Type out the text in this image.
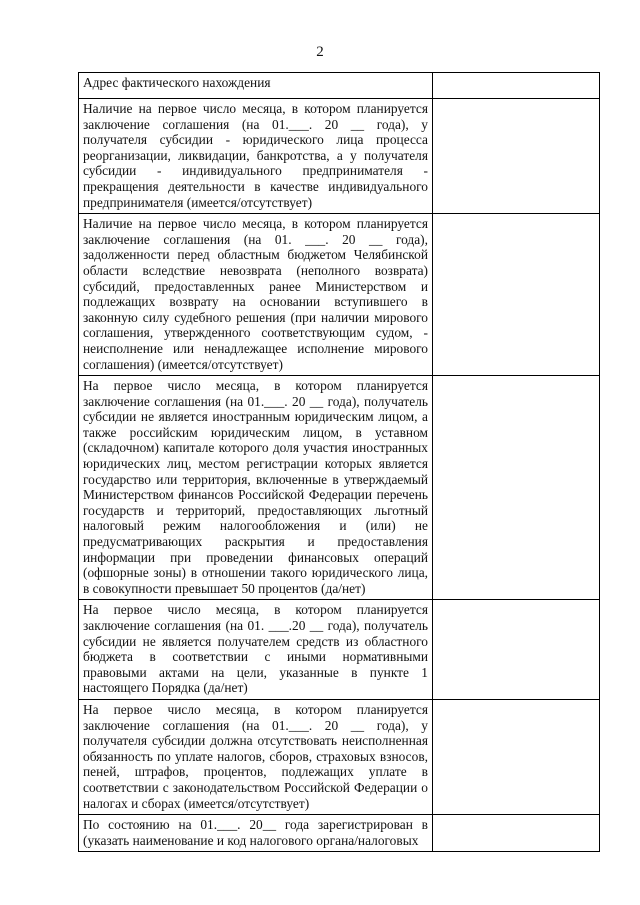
2
Адрес фактического нахождения	
Наличие на первое число месяца, в котором планируется заключение соглашения (на 01.___. 20 __ года), у получателя субсидии - юридического лица процесса реорганизации, ликвидации, банкротства, а у получателя субсидии - индивидуального предпринимателя - прекращения деятельности в качестве индивидуального предпринимателя (имеется/отсутствует)	
Наличие на первое число месяца, в котором планируется заключение соглашения (на 01. ___. 20 __ года), задолженности перед областным бюджетом Челябинской области вследствие невозврата (неполного возврата) субсидий, предоставленных ранее Министерством и подлежащих возврату на основании вступившего в законную силу судебного решения (при наличии мирового соглашения, утвержденного соответствующим судом, - неисполнение или ненадлежащее исполнение мирового соглашения) (имеется/отсутствует)	
На первое число месяца, в котором планируется заключение соглашения (на 01.___. 20 __ года), получатель субсидии не является иностранным юридическим лицом, а также российским юридическим лицом, в уставном (складочном) капитале которого доля участия иностранных юридических лиц, местом регистрации которых является государство или территория, включенные в утверждаемый Министерством финансов Российской Федерации перечень государств и территорий, предоставляющих льготный налоговый режим налогообложения и (или) не предусматривающих раскрытия и предоставления информации при проведении финансовых операций (офшорные зоны) в отношении такого юридического лица, в совокупности превышает 50 процентов (да/нет)	
На первое число месяца, в котором планируется заключение соглашения (на 01. ___.20 __ года), получатель субсидии не является получателем средств из областного бюджета в соответствии с иными нормативными правовыми актами на цели, указанные в пункте 1 настоящего Порядка (да/нет)	
На первое число месяца, в котором планируется заключение соглашения (на 01.___. 20 __ года), у получателя субсидии должна отсутствовать неисполненная обязанность по уплате налогов, сборов, страховых взносов, пеней, штрафов, процентов, подлежащих уплате в соответствии с законодательством Российской Федерации о налогах и сборах (имеется/отсутствует)	
По состоянию на 01.___. 20__ года зарегистрирован в (указать наименование и код налогового органа/налоговых	
